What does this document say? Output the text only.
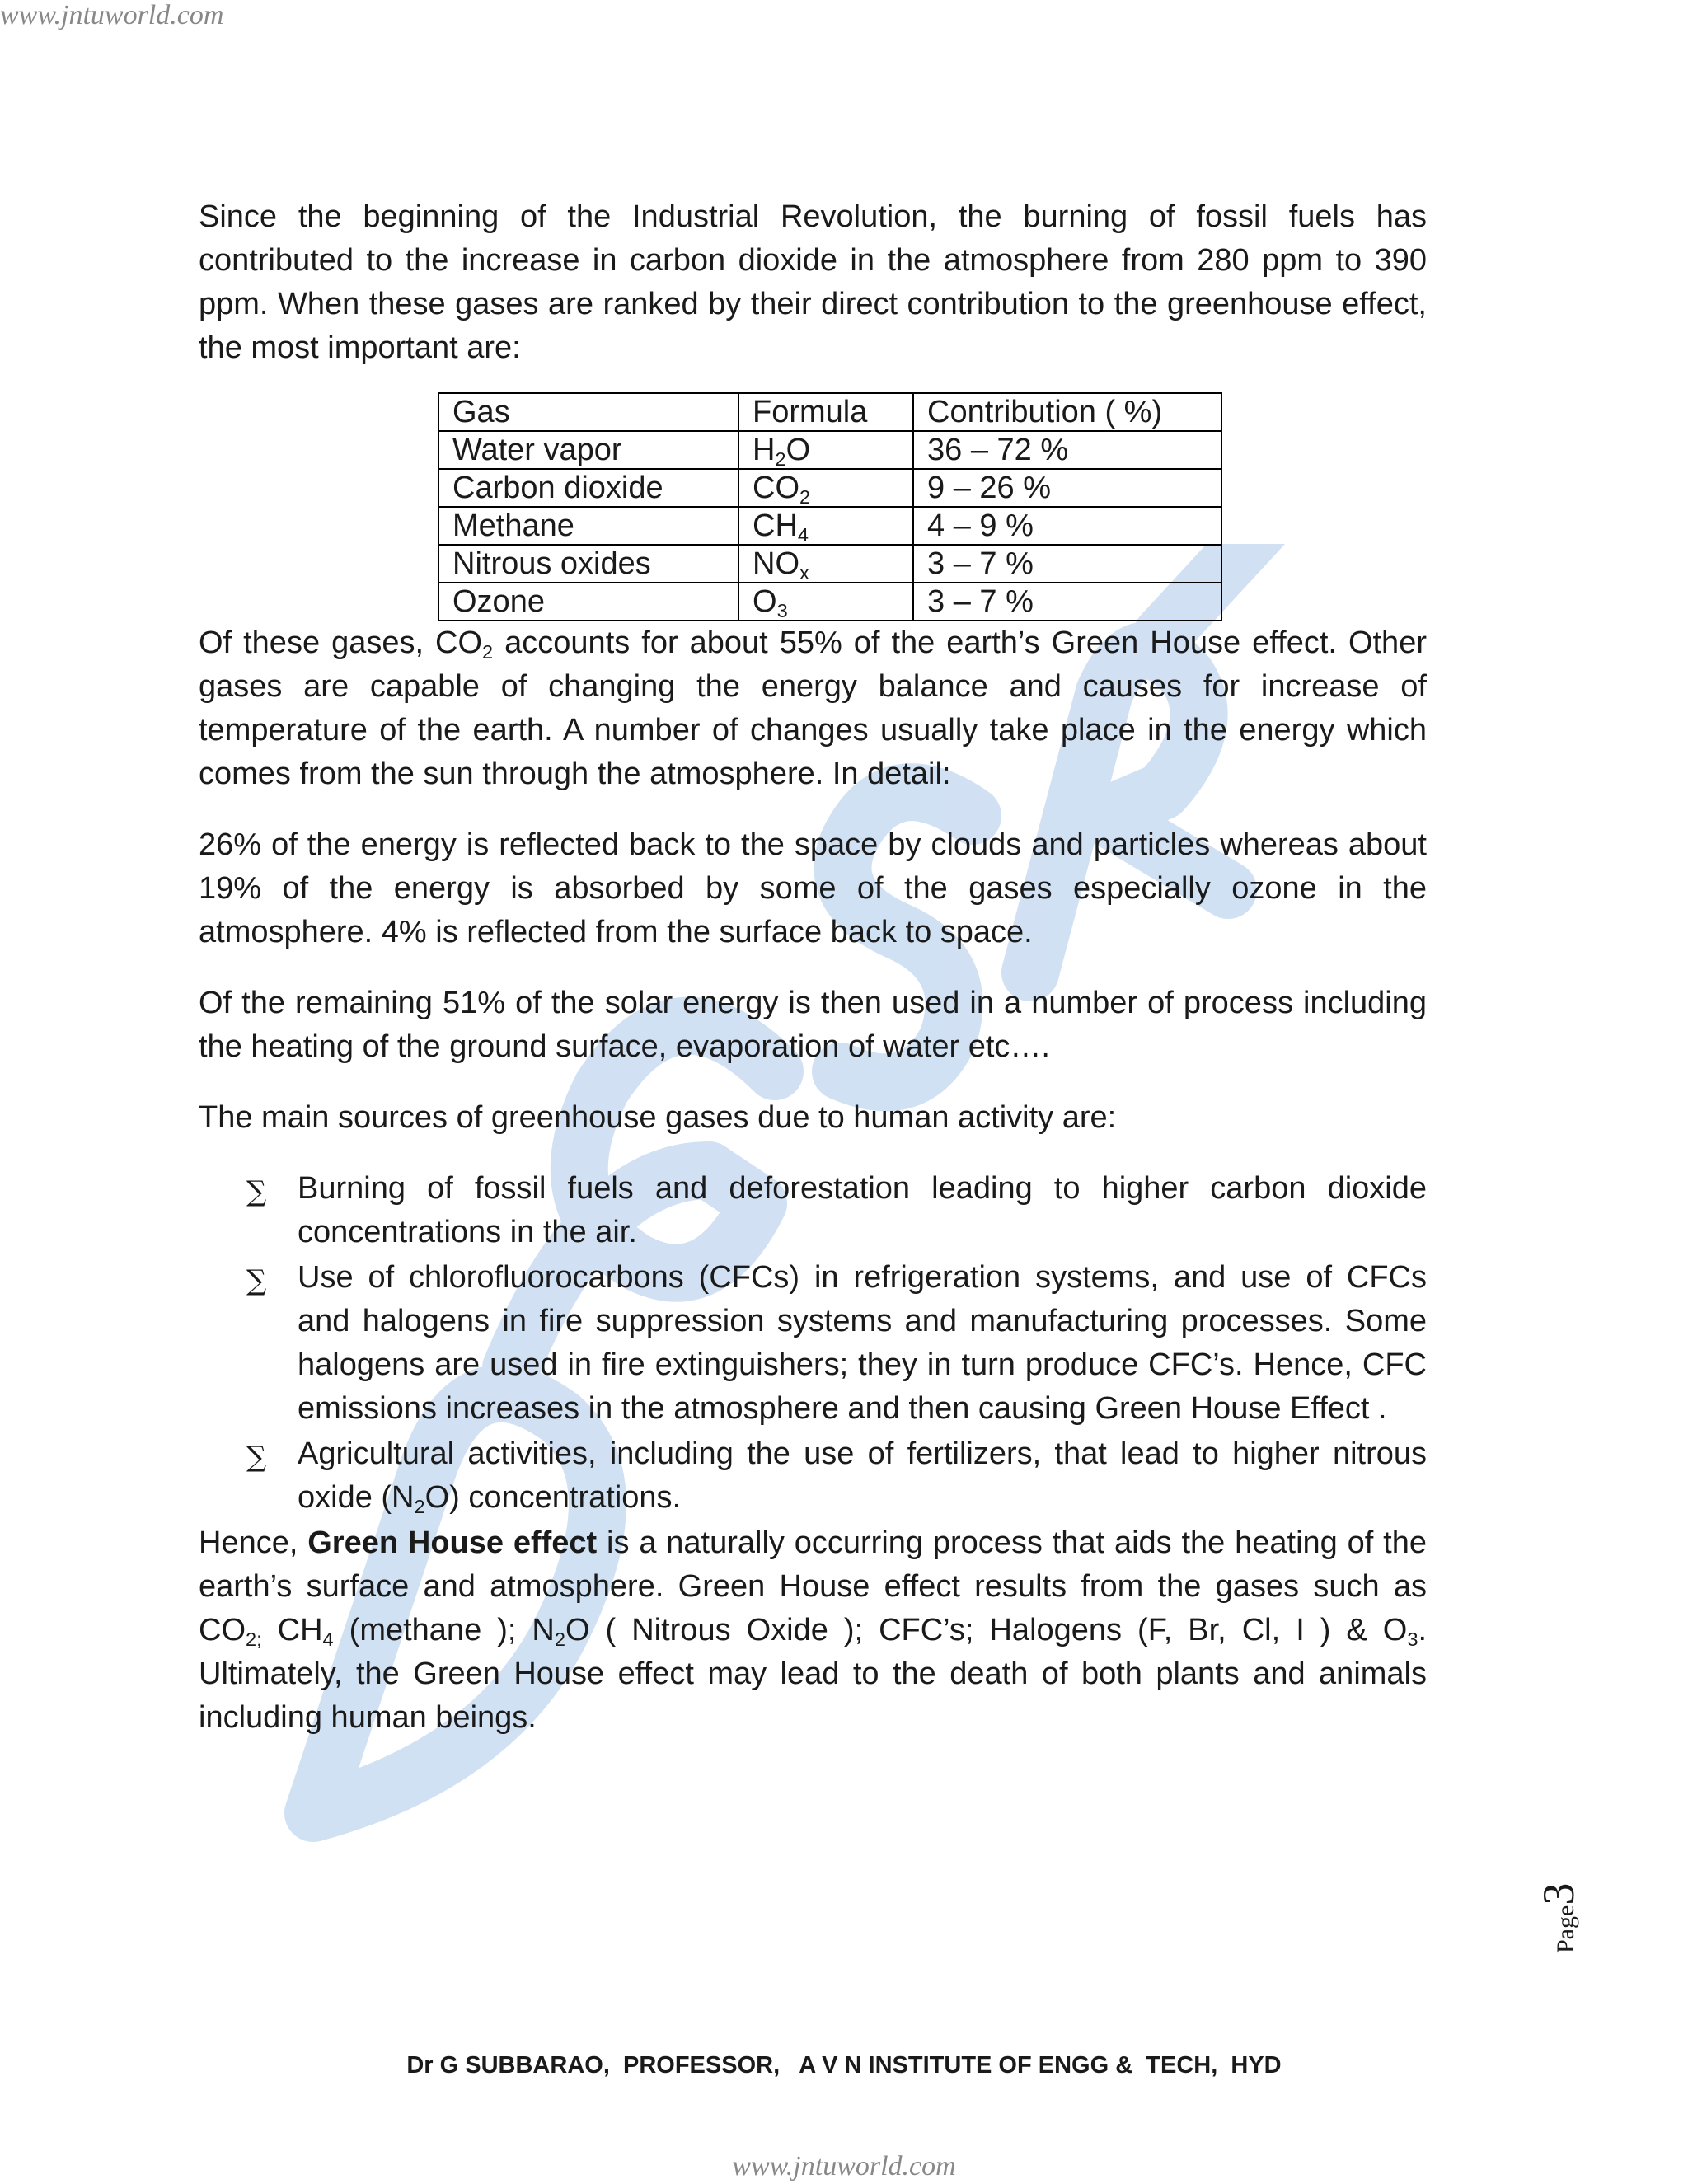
www.jntuworld.com

Since the beginning of the Industrial Revolution, the burning of fossil fuels has contributed to the increase in carbon dioxide in the atmosphere from 280 ppm to 390 ppm. When these gases are ranked by their direct contribution to the greenhouse effect, the most important are:

Gas	Formula	Contribution ( %)
Water vapor	$H_2O$	36 – 72 %
Carbon dioxide	$CO_2$	9 – 26 %
Methane	$CH_4$	4 – 9 %
Nitrous oxides	$NO_x$	3 – 7 %
Ozone	$O_3$	3 – 7 %

Of these gases, $CO_2$ accounts for about 55% of the earth’s Green House effect. Other gases are capable of changing the energy balance and causes for increase of temperature of the earth. A number of changes usually take place in the energy which comes from the sun through the atmosphere. In detail:

26% of the energy is reflected back to the space by clouds and particles whereas about 19% of the energy is absorbed by some of the gases especially ozone in the atmosphere. 4% is reflected from the surface back to space.

Of the remaining 51% of the solar energy is then used in a number of process including the heating of the ground surface, evaporation of water etc….

The main sources of greenhouse gases due to human activity are:

∑ Burning of fossil fuels and deforestation leading to higher carbon dioxide concentrations in the air.
∑ Use of chlorofluorocarbons (CFCs) in refrigeration systems, and use of CFCs and halogens in fire suppression systems and manufacturing processes. Some halogens are used in fire extinguishers; they in turn produce CFC’s. Hence, CFC emissions increases in the atmosphere and then causing Green House Effect .
∑ Agricultural activities, including the use of fertilizers, that lead to higher nitrous oxide $(N_2O)$ concentrations.

Hence, Green House effect is a naturally occurring process that aids the heating of the earth’s surface and atmosphere. Green House effect results from the gases such as $CO_{2;}$ $CH_4$ (methane ); $N_2O$ ( Nitrous Oxide ); CFC’s; Halogens (F, Br, Cl, I ) & $O_3$. Ultimately, the Green House effect may lead to the death of both plants and animals including human beings.

Page3
Dr G SUBBARAO,  PROFESSOR,   A V N INSTITUTE OF ENGG &  TECH,  HYD
www.jntuworld.com
